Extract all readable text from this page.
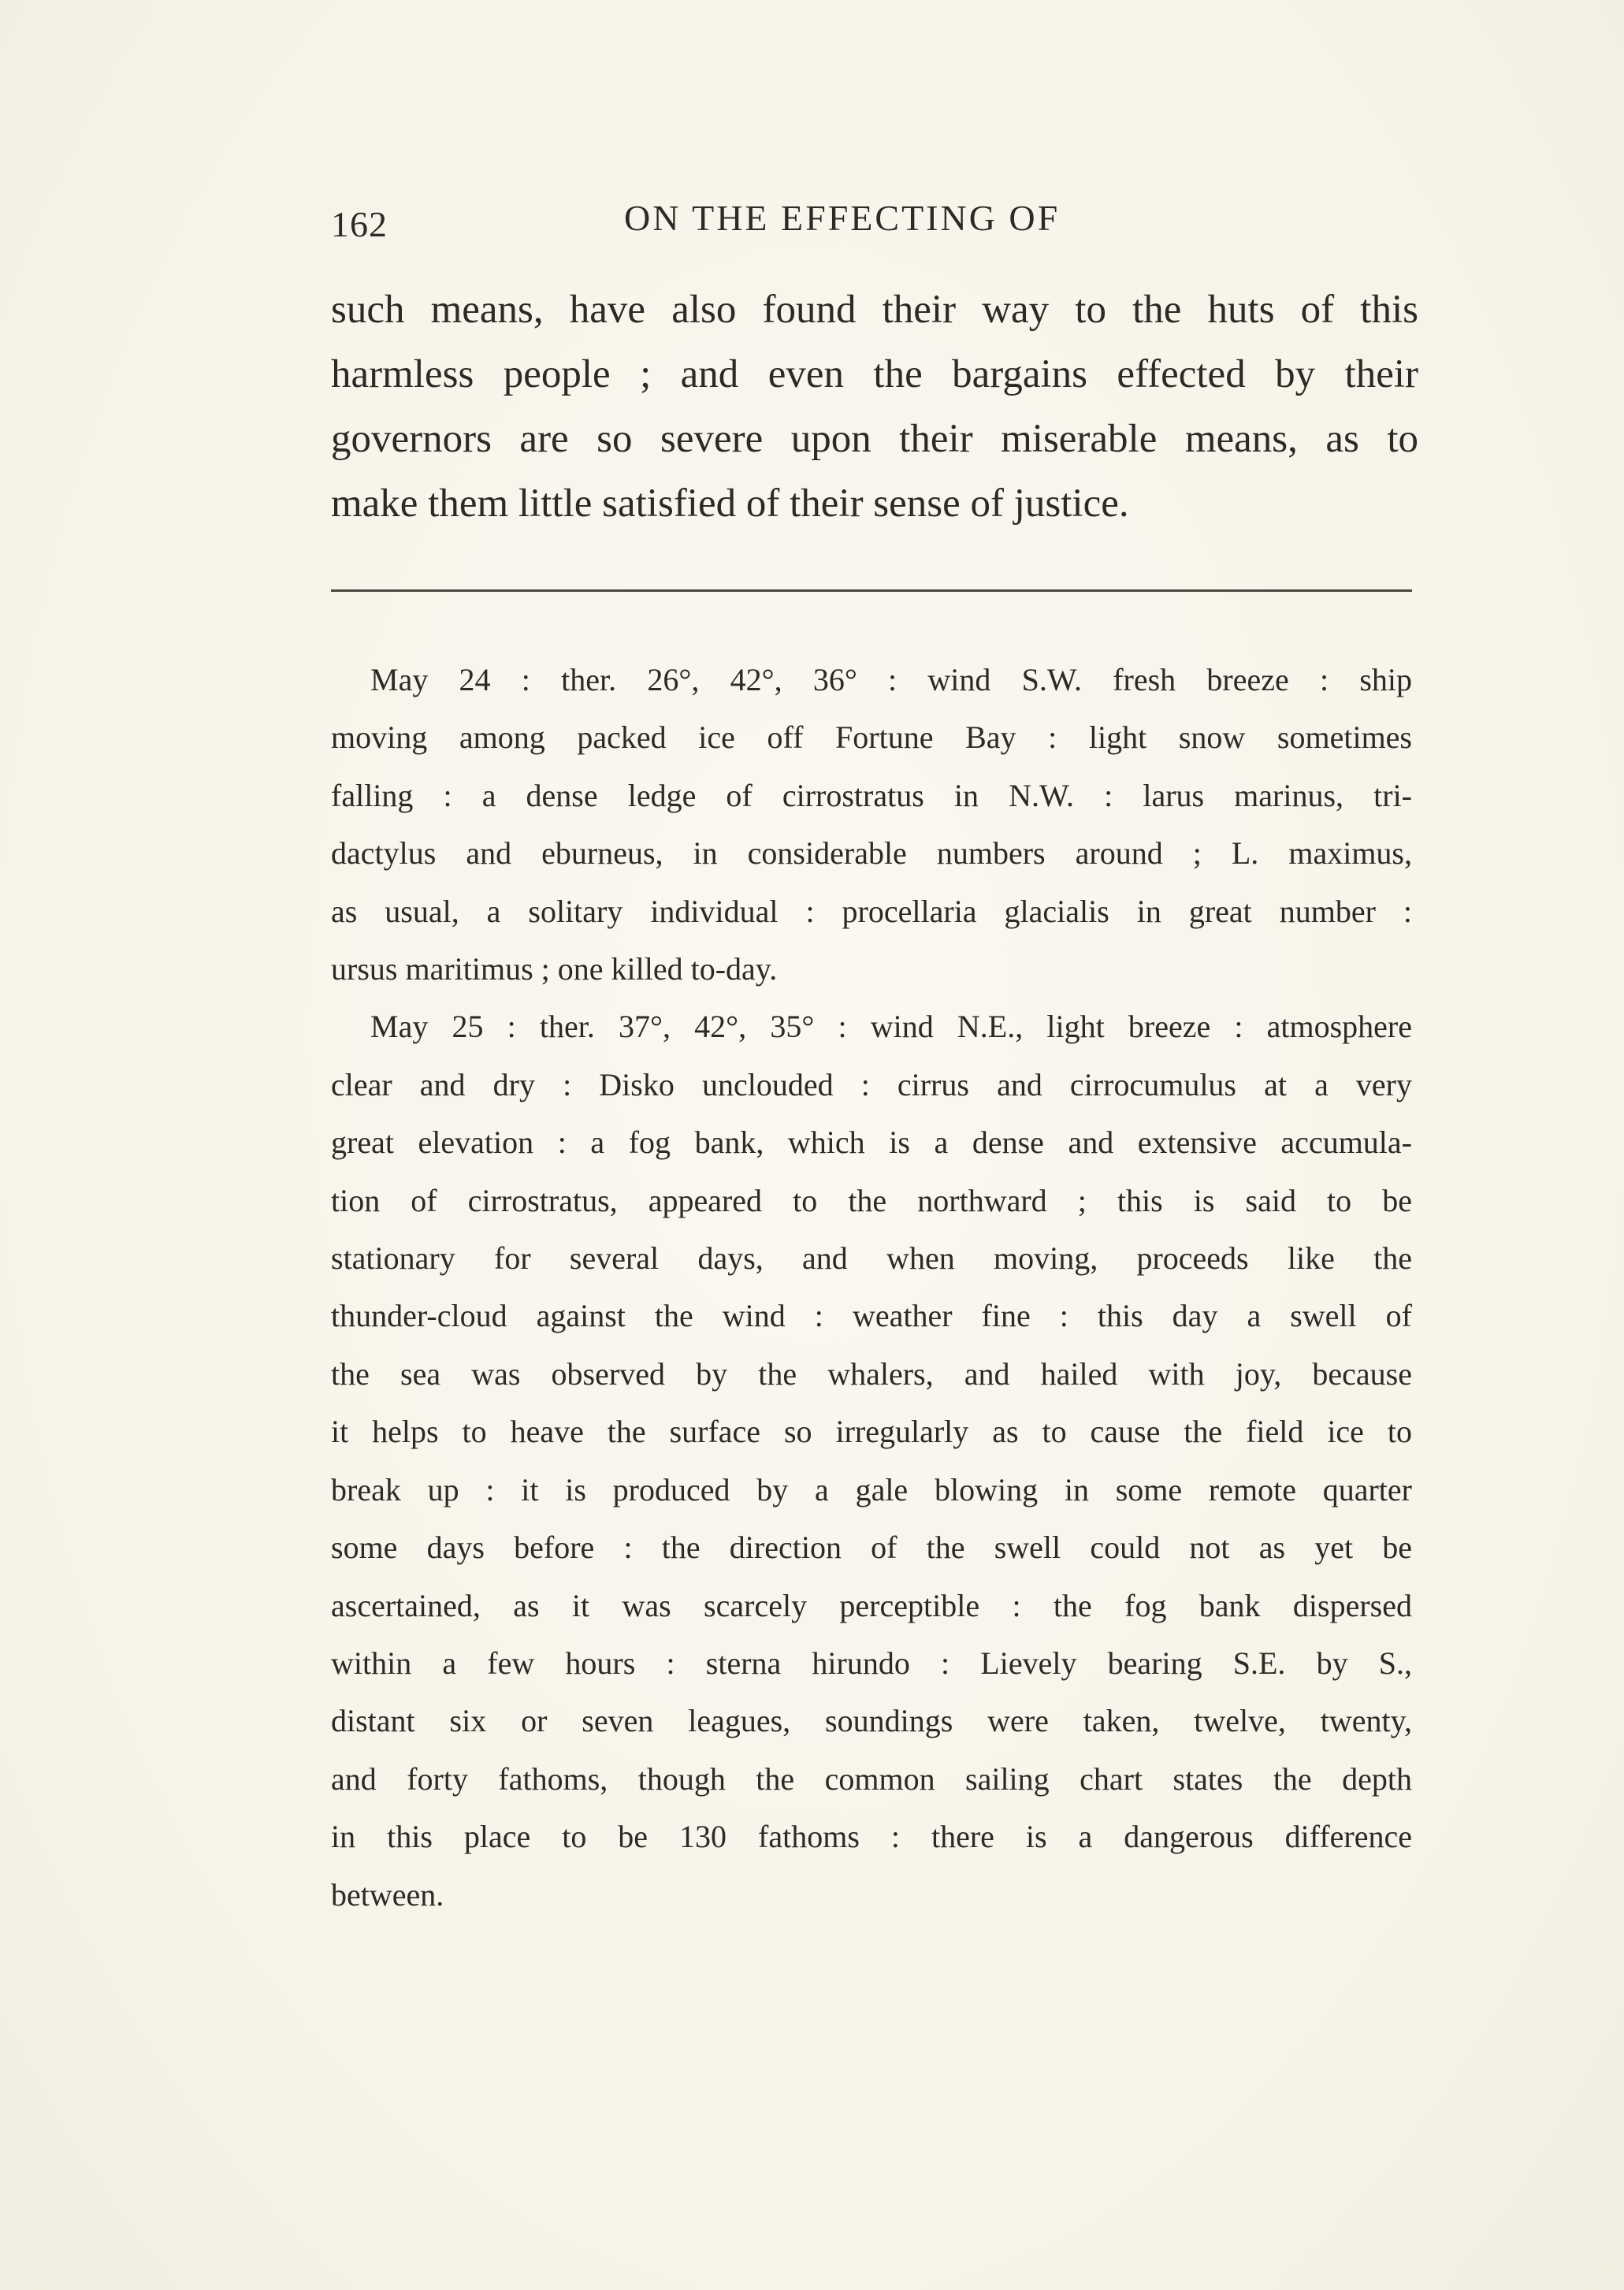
162	ON THE EFFECTING OF
such means, have also found their way to the huts of this
harmless people ; and even the bargains effected by their
governors are so severe upon their miserable means, as to
make them little satisfied of their sense of justice.
May 24 : ther. 26°, 42°, 36° : wind S.W. fresh breeze : ship
moving among packed ice off Fortune Bay : light snow sometimes
falling : a dense ledge of cirrostratus in N.W. : larus marinus, tri-
dactylus and eburneus, in considerable numbers around ; L. maximus,
as usual, a solitary individual : procellaria glacialis in great number :
ursus maritimus ; one killed to-day.
May 25 : ther. 37°, 42°, 35° : wind N.E., light breeze : atmosphere
clear and dry : Disko unclouded : cirrus and cirrocumulus at a very
great elevation : a fog bank, which is a dense and extensive accumula-
tion of cirrostratus, appeared to the northward ; this is said to be
stationary for several days, and when moving, proceeds like the
thunder-cloud against the wind : weather fine : this day a swell of
the sea was observed by the whalers, and hailed with joy, because
it helps to heave the surface so irregularly as to cause the field ice to
break up : it is produced by a gale blowing in some remote quarter
some days before : the direction of the swell could not as yet be
ascertained, as it was scarcely perceptible : the fog bank dispersed
within a few hours : sterna hirundo : Lievely bearing S.E. by S.,
distant six or seven leagues, soundings were taken, twelve, twenty,
and forty fathoms, though the common sailing chart states the depth
in this place to be 130 fathoms : there is a dangerous difference
between.
